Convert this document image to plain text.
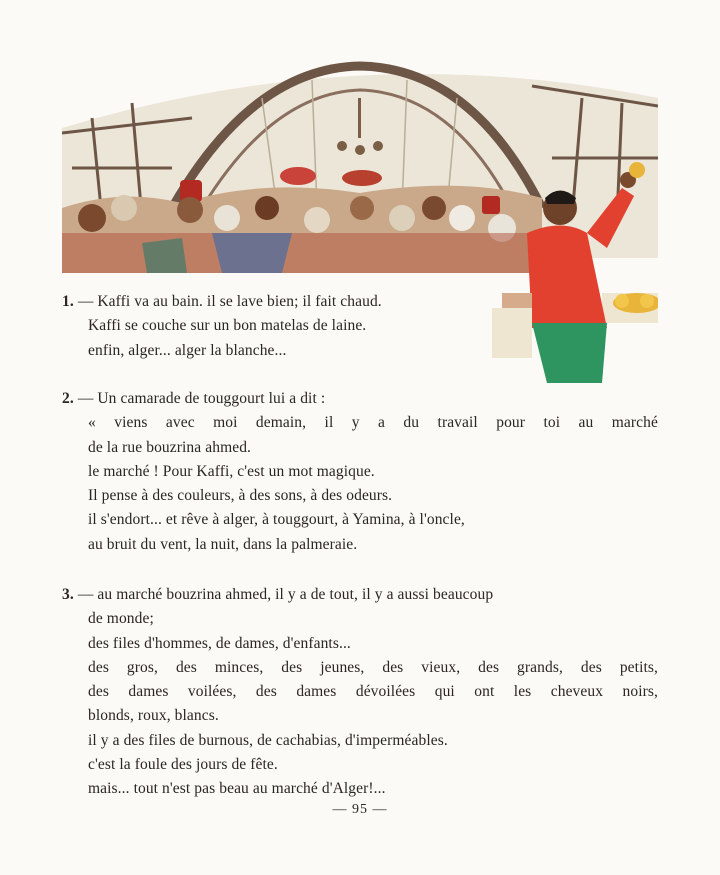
1. — Kaffi va au bain. il se lave bien; il fait chaud.
Kaffi se couche sur un bon matelas de laine.
enfin, alger... alger la blanche...
2. — Un camarade de touggourt lui a dit :
« viens avec moi demain, il y a du travail pour toi au marché
de la rue bouzrina ahmed.
le marché ! Pour Kaffi, c'est un mot magique.
Il pense à des couleurs, à des sons, à des odeurs.
il s'endort... et rêve à alger, à touggourt, à Yamina, à l'oncle,
au bruit du vent, la nuit, dans la palmeraie.
3. — au marché bouzrina ahmed, il y a de tout, il y a aussi beaucoup
de monde;
des files d'hommes, de dames, d'enfants...
des gros, des minces, des jeunes, des vieux, des grands, des petits,
des dames voilées, des dames dévoilées qui ont les cheveux noirs,
blonds, roux, blancs.
il y a des files de burnous, de cachabias, d'imperméables.
c'est la foule des jours de fête.
mais... tout n'est pas beau au marché d'Alger!...
— 95 —
